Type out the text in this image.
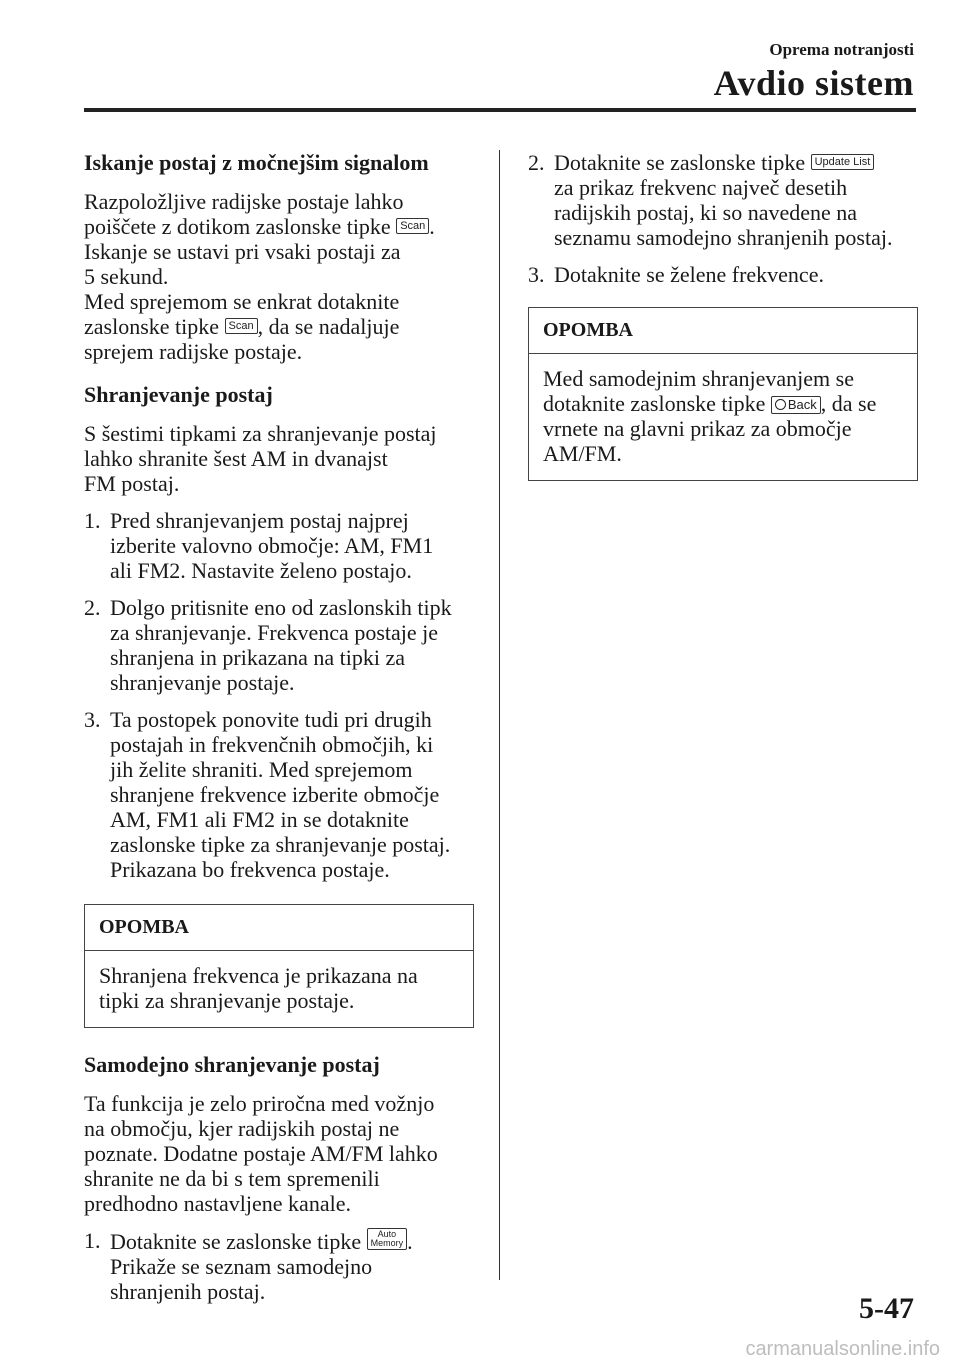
Oprema notranjosti
Avdio sistem
Iskanje postaj z močnejšim signalom
Razpoložljive radijske postaje lahko
poiščete z dotikom zaslonske tipke Scan .
Iskanje se ustavi pri vsaki postaji za
5 sekund.
Med sprejemom se enkrat dotaknite
zaslonske tipke Scan , da se nadaljuje
sprejem radijske postaje.
Shranjevanje postaj
S šestimi tipkami za shranjevanje postaj
lahko shranite šest AM in dvanajst
FM postaj.
1. Pred shranjevanjem postaj najprej
izberite valovno območje: AM, FM1
ali FM2. Nastavite želeno postajo.
2. Dolgo pritisnite eno od zaslonskih tipk
za shranjevanje. Frekvenca postaje je
shranjena in prikazana na tipki za
shranjevanje postaje.
3. Ta postopek ponovite tudi pri drugih
postajah in frekvenčnih območjih, ki
jih želite shraniti. Med sprejemom
shranjene frekvence izberite območje
AM, FM1 ali FM2 in se dotaknite
zaslonske tipke za shranjevanje postaj.
Prikazana bo frekvenca postaje.
OPOMBA
Shranjena frekvenca je prikazana na
tipki za shranjevanje postaje.
Samodejno shranjevanje postaj
Ta funkcija je zelo priročna med vožnjo
na območju, kjer radijskih postaj ne
poznate. Dodatne postaje AM/FM lahko
shranite ne da bi s tem spremenili
predhodno nastavljene kanale.
1. Dotaknite se zaslonske tipke Auto
Memory .
Prikaže se seznam samodejno
shranjenih postaj.
2. Dotaknite se zaslonske tipke Update List
za prikaz frekvenc največ desetih
radijskih postaj, ki so navedene na
seznamu samodejno shranjenih postaj.
3. Dotaknite se želene frekvence.
OPOMBA
Med samodejnim shranjevanjem se
dotaknite zaslonske tipke Back , da se
vrnete na glavni prikaz za območje
AM/FM.
5-47
carmanualsonline.info
